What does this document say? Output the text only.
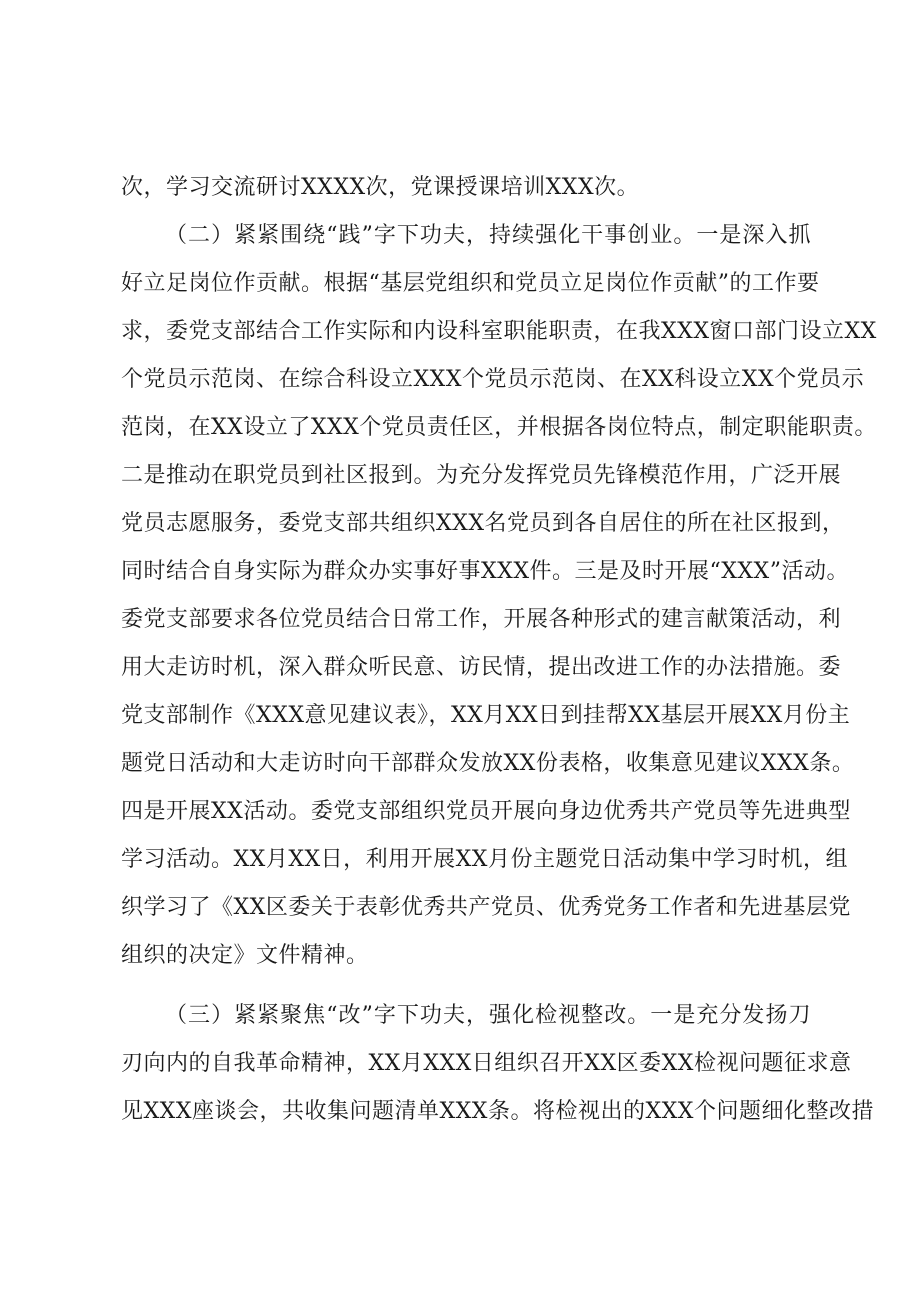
次，学习交流研讨XXXX次，党课授课培训XXX次。
（二）紧紧围绕“践”字下功夫，持续强化干事创业。一是深入抓
好立足岗位作贡献。根据“基层党组织和党员立足岗位作贡献”的工作要
求，委党支部结合工作实际和内设科室职能职责，在我XXX窗口部门设立XX
个党员示范岗、在综合科设立XXX个党员示范岗、在XX科设立XX个党员示
范岗，在XX设立了XXX个党员责任区，并根据各岗位特点，制定职能职责。
二是推动在职党员到社区报到。为充分发挥党员先锋模范作用，广泛开展
党员志愿服务，委党支部共组织XXX名党员到各自居住的所在社区报到，
同时结合自身实际为群众办实事好事XXX件。三是及时开展“XXX”活动。
委党支部要求各位党员结合日常工作，开展各种形式的建言献策活动，利
用大走访时机，深入群众听民意、访民情，提出改进工作的办法措施。委
党支部制作《XXX意见建议表》，XX月XX日到挂帮XX基层开展XX月份主
题党日活动和大走访时向干部群众发放XX份表格，收集意见建议XXX条。
四是开展XX活动。委党支部组织党员开展向身边优秀共产党员等先进典型
学习活动。XX月XX日，利用开展XX月份主题党日活动集中学习时机，组
织学习了《XX区委关于表彰优秀共产党员、优秀党务工作者和先进基层党
组织的决定》文件精神。
（三）紧紧聚焦“改”字下功夫，强化检视整改。一是充分发扬刀
刃向内的自我革命精神，XX月XXX日组织召开XX区委XX检视问题征求意
见XXX座谈会，共收集问题清单XXX条。将检视出的XXX个问题细化整改措
